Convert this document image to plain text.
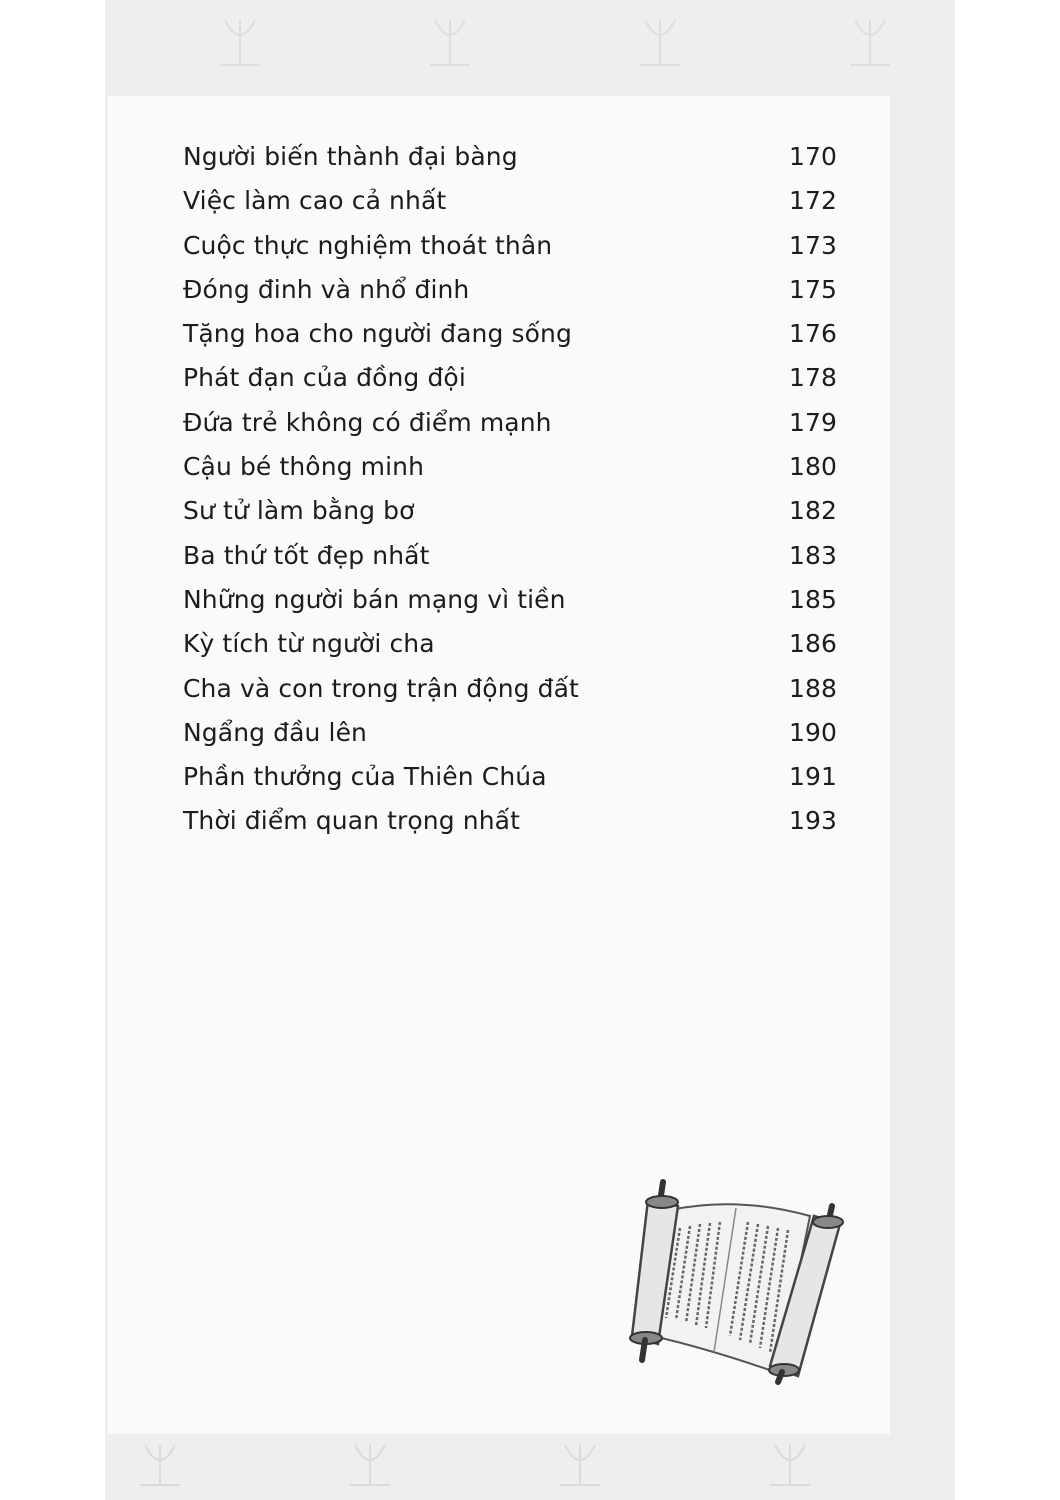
Người biến thành đại bàng	170
Việc làm cao cả nhất	172
Cuộc thực nghiệm thoát thân	173
Đóng đinh và nhổ đinh	175
Tặng hoa cho người đang sống	176
Phát đạn của đồng đội	178
Đứa trẻ không có điểm mạnh	179
Cậu bé thông minh	180
Sư tử làm bằng bơ	182
Ba thứ tốt đẹp nhất	183
Những người bán mạng vì tiền	185
Kỳ tích từ người cha	186
Cha và con trong trận động đất	188
Ngẩng đầu lên	190
Phần thưởng của Thiên Chúa	191
Thời điểm quan trọng nhất	193
